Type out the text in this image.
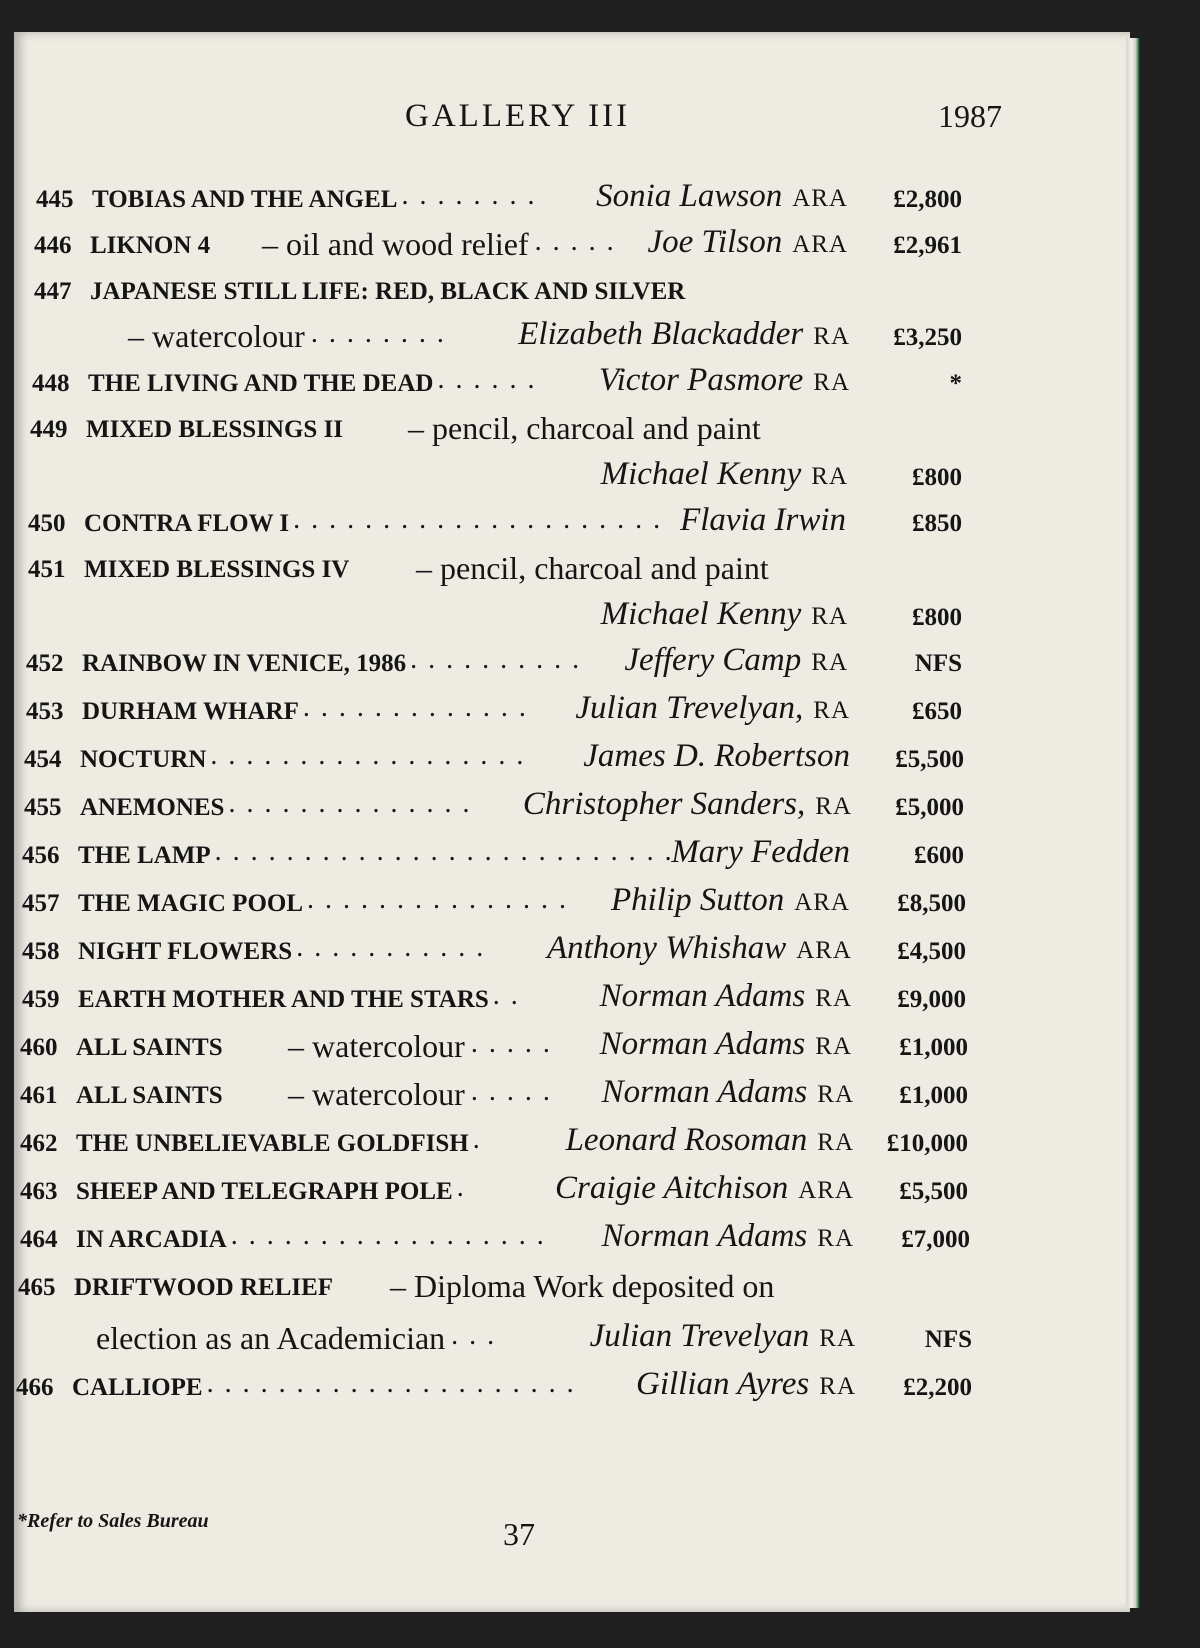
GALLERY III	1987
445 TOBIAS AND THE ANGEL . . . . . . . . Sonia Lawson ARA	£2,800
446 LIKNON 4 – oil and wood relief . . . . . Joe Tilson ARA	£2,961
447 JAPANESE STILL LIFE: RED, BLACK AND SILVER
– watercolour . . . . . . . . Elizabeth Blackadder RA	£3,250
448 THE LIVING AND THE DEAD . . . . . . Victor Pasmore RA	*
449 MIXED BLESSINGS II – pencil, charcoal and paint
Michael Kenny RA	£800
450 CONTRA FLOW I . . . . . . . . . . . . . . . . . . . . . Flavia Irwin	£850
451 MIXED BLESSINGS IV – pencil, charcoal and paint
Michael Kenny RA	£800
452 RAINBOW IN VENICE, 1986 . . . . . . . . . . Jeffery Camp RA	NFS
453 DURHAM WHARF . . . . . . . . . . . . . Julian Trevelyan, RA	£650
454 NOCTURN . . . . . . . . . . . . . . . . . . James D. Robertson	£5,500
455 ANEMONES . . . . . . . . . . . . . . Christopher Sanders, RA	£5,000
456 THE LAMP . . . . . . . . . . . . . . . . . . . . . . . . . .
Mary Fedden	£600
457 THE MAGIC POOL . . . . . . . . . . . . . . . Philip Sutton ARA	£8,500
458 NIGHT FLOWERS . . . . . . . . . . . Anthony Whishaw ARA	£4,500
459 EARTH MOTHER AND THE STARS . . Norman Adams RA	£9,000
460 ALL SAINTS – watercolour . . . . . Norman Adams RA	£1,000
461 ALL SAINTS – watercolour . . . . . Norman Adams RA	£1,000
462 THE UNBELIEVABLE GOLDFISH .	Leonard Rosoman RA	£10,000
463 SHEEP AND TELEGRAPH POLE .	Craigie Aitchison ARA	£5,500
464 IN ARCADIA . . . . . . . . . . . . . . . . . . Norman Adams RA	£7,000
465 DRIFTWOOD RELIEF – Diploma Work deposited on
election as an Academician . . .	Julian Trevelyan RA	NFS
466 CALLIOPE . . . . . . . . . . . . . . . . . . . . . Gillian Ayres RA	£2,200
*Refer to Sales Bureau	37
